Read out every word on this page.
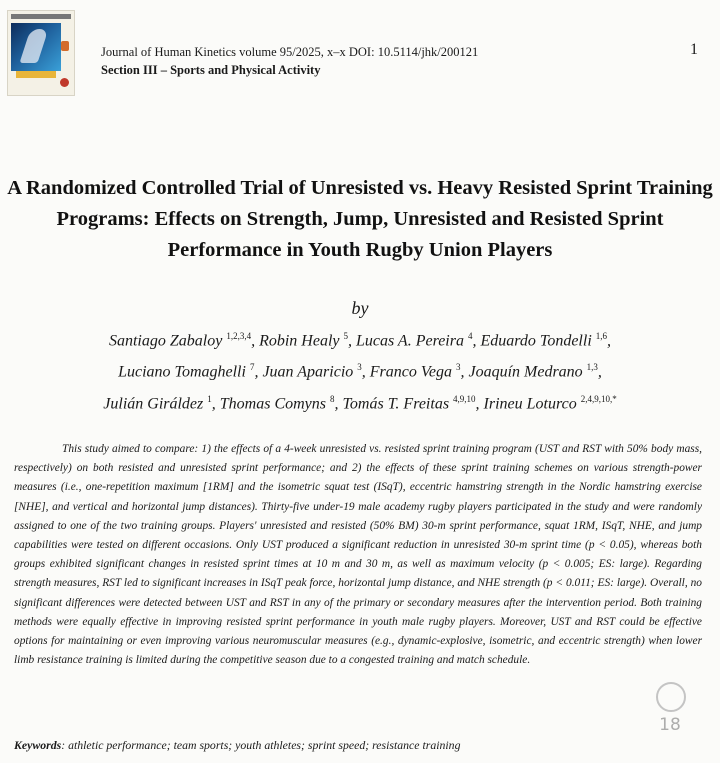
Journal of Human Kinetics volume 95/2025, x–x DOI: 10.5114/jhk/200121
Section III – Sports and Physical Activity
1
A Randomized Controlled Trial of Unresisted vs. Heavy Resisted Sprint Training Programs: Effects on Strength, Jump, Unresisted and Resisted Sprint Performance in Youth Rugby Union Players
by
Santiago Zabaloy $^{1,2,3,4}$, Robin Healy $^5$, Lucas A. Pereira $^4$, Eduardo Tondelli $^{1,6}$,
Luciano Tomaghelli $^7$, Juan Aparicio $^3$, Franco Vega $^3$, Joaquín Medrano $^{1,3}$,
Julián Giráldez $^1$, Thomas Comyns $^8$, Tomás T. Freitas $^{4,9,10}$, Irineu Loturco $^{2,4,9,10,*}$

This study aimed to compare: 1) the effects of a 4-week unresisted vs. resisted sprint training program (UST and RST with 50% body mass, respectively) on both resisted and unresisted sprint performance; and 2) the effects of these sprint training schemes on various strength-power measures (i.e., one-repetition maximum [1RM] and the isometric squat test (ISqT), eccentric hamstring strength in the Nordic hamstring exercise [NHE], and vertical and horizontal jump distances). Thirty-five under-19 male academy rugby players participated in the study and were randomly assigned to one of the two training groups. Players' unresisted and resisted (50% BM) 30-m sprint performance, squat 1RM, ISqT, NHE, and jump capabilities were tested on different occasions. Only UST produced a significant reduction in unresisted 30-m sprint time (p < 0.05), whereas both groups exhibited significant changes in resisted sprint times at 10 m and 30 m, as well as maximum velocity (p < 0.005; ES: large). Regarding strength measures, RST led to significant increases in ISqT peak force, horizontal jump distance, and NHE strength (p < 0.011; ES: large). Overall, no significant differences were detected between UST and RST in any of the primary or secondary measures after the intervention period. Both training methods were equally effective in improving resisted sprint performance in youth male rugby players. Moreover, UST and RST could be effective options for maintaining or even improving various neuromuscular measures (e.g., dynamic-explosive, isometric, and eccentric strength) when lower limb resistance training is limited during the competitive season due to a congested training and match schedule.

Keywords: athletic performance; team sports; youth athletes; sprint speed; resistance training
18
